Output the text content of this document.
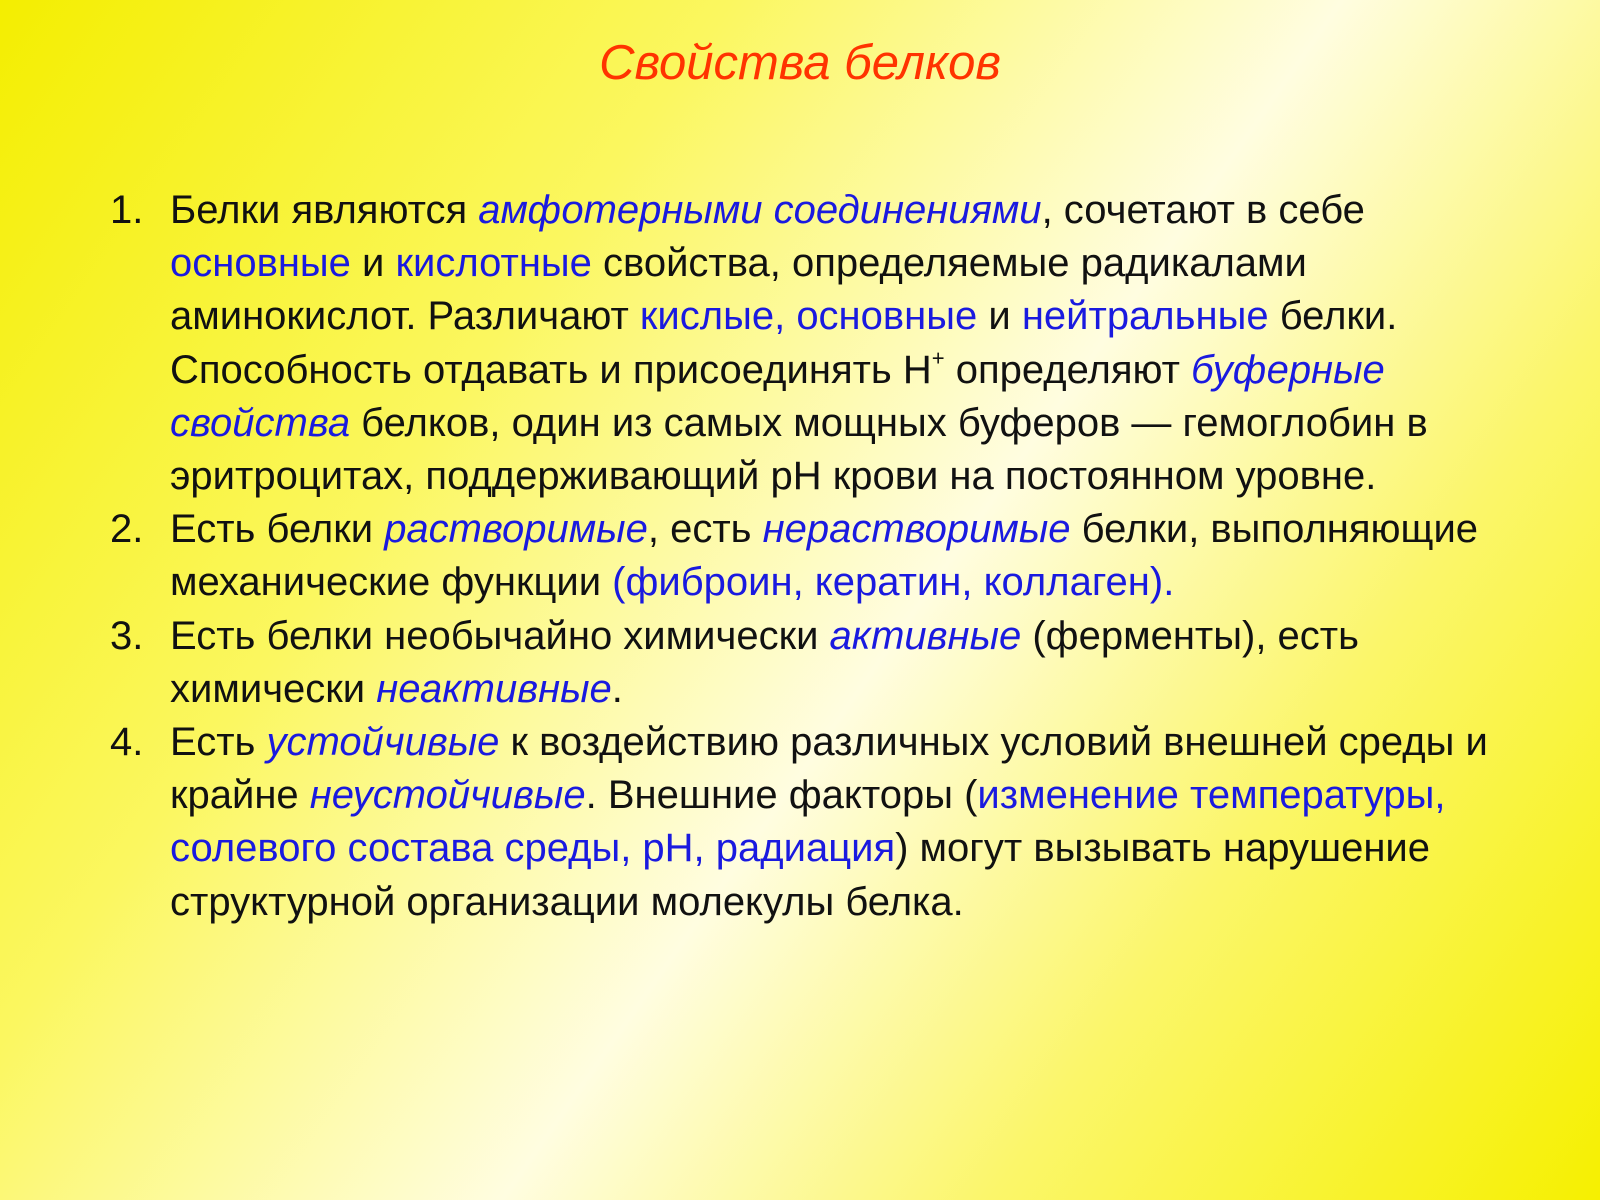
Свойства белков
1. Белки являются амфотерными соединениями, сочетают в себе основные и кислотные свойства, определяемые радикалами аминокислот. Различают кислые, основные и нейтральные белки. Способность отдавать и присоединять Н+ определяют буферные свойства белков, один из самых мощных буферов — гемоглобин в эритроцитах, поддерживающий рН крови на постоянном уровне.
2. Есть белки растворимые, есть нерастворимые белки, выполняющие механические функции (фиброин, кератин, коллаген).
3. Есть белки необычайно химически активные (ферменты), есть химически неактивные.
4. Есть устойчивые к воздействию различных условий внешней среды и крайне неустойчивые. Внешние факторы (изменение температуры, солевого состава среды, рН, радиация) могут вызывать нарушение структурной организации молекулы белка.
